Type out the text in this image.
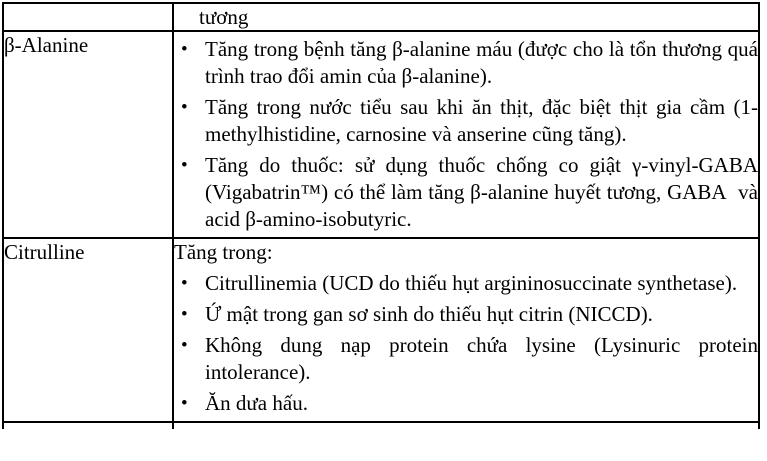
	tương

β-Alanine	• Tăng trong bệnh tăng β-alanine máu (được cho là tổn thương quá trình trao đổi amin của β-alanine).
• Tăng trong nước tiểu sau khi ăn thịt, đặc biệt thịt gia cầm (1-methylhistidine, carnosine và anserine cũng tăng).
• Tăng do thuốc: sử dụng thuốc chống co giật γ-vinyl-GABA (Vigabatrin™) có thể làm tăng β-alanine huyết tương, GABA  và acid β-amino-isobutyric.

Citrulline	Tăng trong:
• Citrullinemia (UCD do thiếu hụt argininosuccinate synthetase).
• Ứ mật trong gan sơ sinh do thiếu hụt citrin (NICCD).
• Không dung nạp protein chứa lysine (Lysinuric protein intolerance).
• Ăn dưa hấu.
